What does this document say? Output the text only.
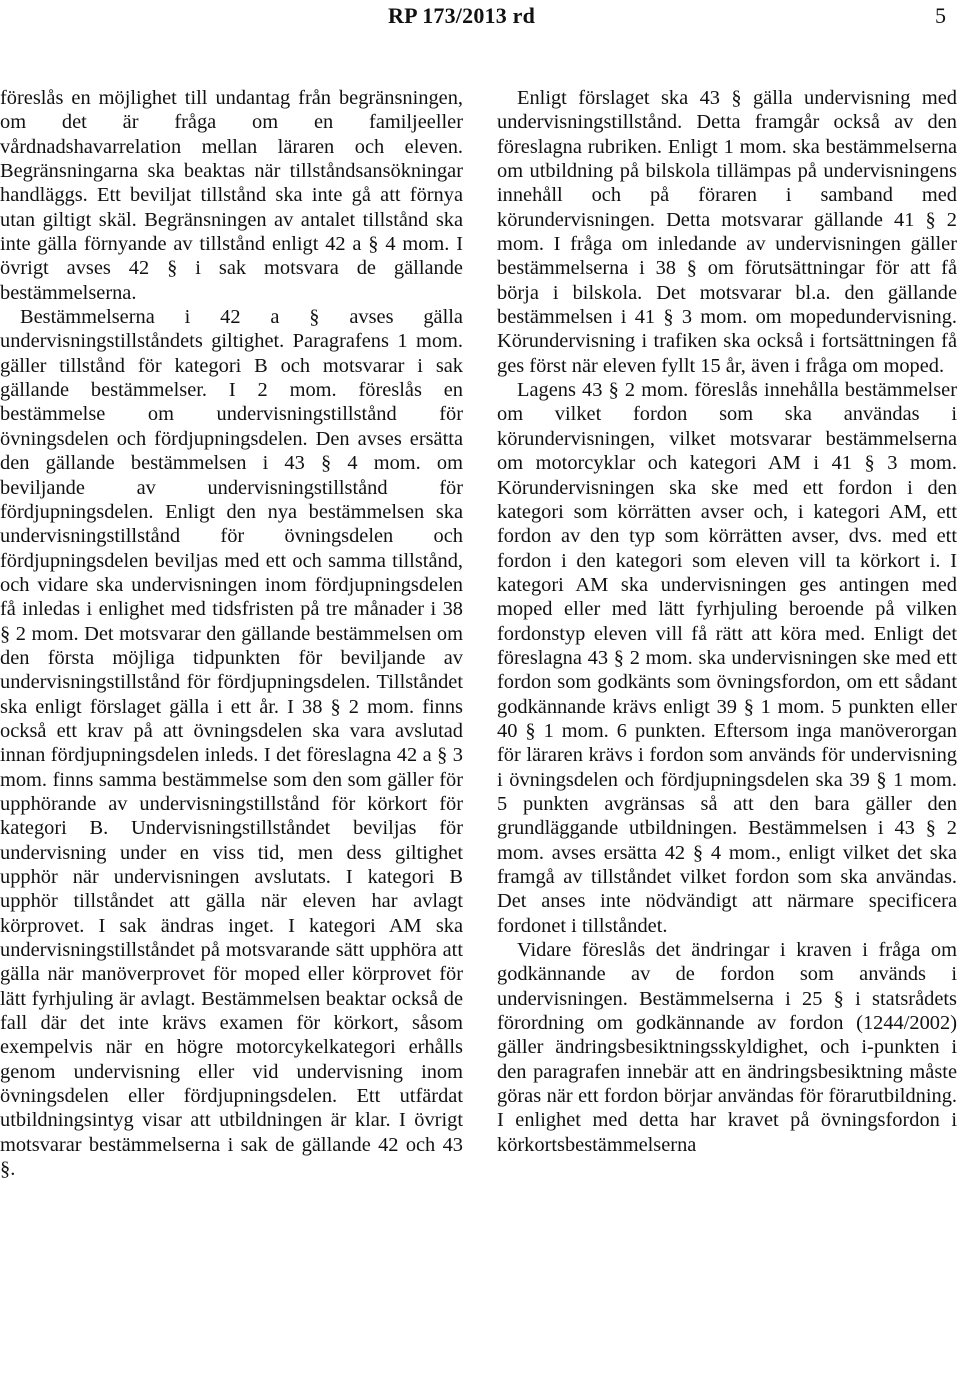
RP 173/2013 rd	5

föreslås en möjlighet till undantag från begränsningen, om det är fråga om en familjeeller vårdnadshavarrelation mellan läraren och eleven. Begränsningarna ska beaktas när tillståndsansökningar handläggs. Ett beviljat tillstånd ska inte gå att förnya utan giltigt skäl. Begränsningen av antalet tillstånd ska inte gälla förnyande av tillstånd enligt 42 a § 4 mom. I övrigt avses 42 § i sak motsvara de gällande bestämmelserna.

Bestämmelserna i 42 a § avses gälla undervisningstillståndets giltighet. Paragrafens 1 mom. gäller tillstånd för kategori B och motsvarar i sak gällande bestämmelser. I 2 mom. föreslås en bestämmelse om undervisningstillstånd för övningsdelen och fördjupningsdelen. Den avses ersätta den gällande bestämmelsen i 43 § 4 mom. om beviljande av undervisningstillstånd för fördjupningsdelen. Enligt den nya bestämmelsen ska undervisningstillstånd för övningsdelen och fördjupningsdelen beviljas med ett och samma tillstånd, och vidare ska undervisningen inom fördjupningsdelen få inledas i enlighet med tidsfristen på tre månader i 38 § 2 mom. Det motsvarar den gällande bestämmelsen om den första möjliga tidpunkten för beviljande av undervisningstillstånd för fördjupningsdelen. Tillståndet ska enligt förslaget gälla i ett år. I 38 § 2 mom. finns också ett krav på att övningsdelen ska vara avslutad innan fördjupningsdelen inleds. I det föreslagna 42 a § 3 mom. finns samma bestämmelse som den som gäller för upphörande av undervisningstillstånd för körkort för kategori B. Undervisningstillståndet beviljas för undervisning under en viss tid, men dess giltighet upphör när undervisningen avslutats. I kategori B upphör tillståndet att gälla när eleven har avlagt körprovet. I sak ändras inget. I kategori AM ska undervisningstillståndet på motsvarande sätt upphöra att gälla när manöverprovet för moped eller körprovet för lätt fyrhjuling är avlagt. Bestämmelsen beaktar också de fall där det inte krävs examen för körkort, såsom exempelvis när en högre motorcykelkategori erhålls genom undervisning eller vid undervisning inom övningsdelen eller fördjupningsdelen. Ett utfärdat utbildningsintyg visar att utbildningen är klar. I övrigt motsvarar bestämmelserna i sak de gällande 42 och 43 §.

Enligt förslaget ska 43 § gälla undervisning med undervisningstillstånd. Detta framgår också av den föreslagna rubriken. Enligt 1 mom. ska bestämmelserna om utbildning på bilskola tillämpas på undervisningens innehåll och på föraren i samband med körundervisningen. Detta motsvarar gällande 41 § 2 mom. I fråga om inledande av undervisningen gäller bestämmelserna i 38 § om förutsättningar för att få börja i bilskola. Det motsvarar bl.a. den gällande bestämmelsen i 41 § 3 mom. om mopedundervisning. Körundervisning i trafiken ska också i fortsättningen få ges först när eleven fyllt 15 år, även i fråga om moped.

Lagens 43 § 2 mom. föreslås innehålla bestämmelser om vilket fordon som ska användas i körundervisningen, vilket motsvarar bestämmelserna om motorcyklar och kategori AM i 41 § 3 mom. Körundervisningen ska ske med ett fordon i den kategori som körrätten avser och, i kategori AM, ett fordon av den typ som körrätten avser, dvs. med ett fordon i den kategori som eleven vill ta körkort i. I kategori AM ska undervisningen ges antingen med moped eller med lätt fyrhjuling beroende på vilken fordonstyp eleven vill få rätt att köra med. Enligt det föreslagna 43 § 2 mom. ska undervisningen ske med ett fordon som godkänts som övningsfordon, om ett sådant godkännande krävs enligt 39 § 1 mom. 5 punkten eller 40 § 1 mom. 6 punkten. Eftersom inga manöverorgan för läraren krävs i fordon som används för undervisning i övningsdelen och fördjupningsdelen ska 39 § 1 mom. 5 punkten avgränsas så att den bara gäller den grundläggande utbildningen. Bestämmelsen i 43 § 2 mom. avses ersätta 42 § 4 mom., enligt vilket det ska framgå av tillståndet vilket fordon som ska användas. Det anses inte nödvändigt att närmare specificera fordonet i tillståndet.

Vidare föreslås det ändringar i kraven i fråga om godkännande av de fordon som används i undervisningen. Bestämmelserna i 25 § i statsrådets förordning om godkännande av fordon (1244/2002) gäller ändringsbesiktningsskyldighet, och i-punkten i den paragrafen innebär att en ändringsbesiktning måste göras när ett fordon börjar användas för förarutbildning. I enlighet med detta har kravet på övningsfordon i körkortsbestämmelserna
